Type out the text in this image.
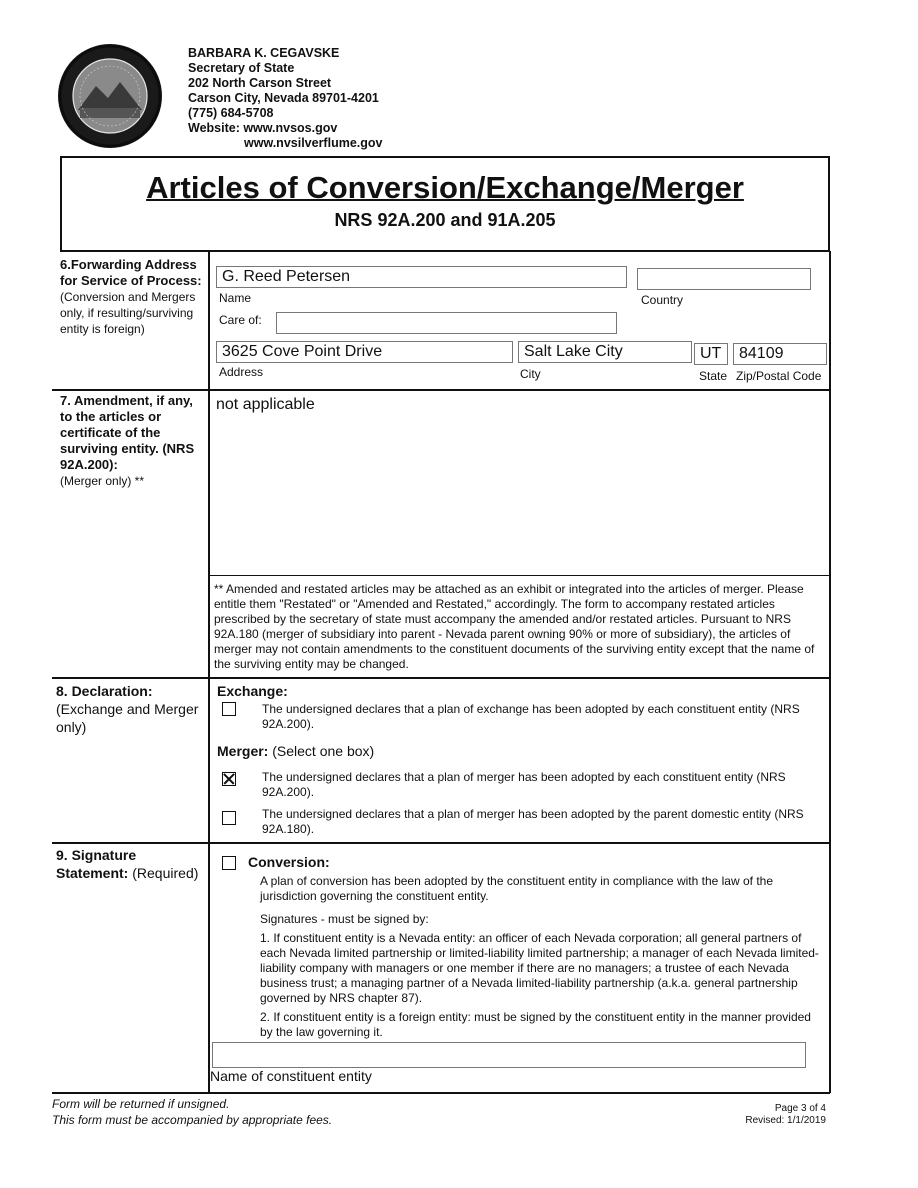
BARBARA K. CEGAVSKE
Secretary of State
202 North Carson Street
Carson City, Nevada 89701-4201
(775) 684-5708
Website: www.nvsos.gov
www.nvsilverflume.gov
Articles of Conversion/Exchange/Merger
NRS 92A.200 and 91A.205
6.Forwarding Address for Service of Process:
(Conversion and Mergers only, if resulting/surviving entity is foreign)
G. Reed Petersen
Name	Country
Care of:
3625 Cove Point Drive
Address
Salt Lake City
City
UT
State
84109
Zip/Postal Code
7. Amendment, if any, to the articles or certificate of the surviving entity. (NRS 92A.200):
(Merger only) **
not applicable
** Amended and restated articles may be attached as an exhibit or integrated into the articles of merger. Please entitle them "Restated" or "Amended and Restated," accordingly. The form to accompany restated articles prescribed by the secretary of state must accompany the amended and/or restated articles. Pursuant to NRS 92A.180 (merger of subsidiary into parent - Nevada parent owning 90% or more of subsidiary), the articles of merger may not contain amendments to the constituent documents of the surviving entity except that the name of the surviving entity may be changed.
8. Declaration:
(Exchange and Merger only)
Exchange:
The undersigned declares that a plan of exchange has been adopted by each constituent entity (NRS 92A.200).
Merger: (Select one box)
The undersigned declares that a plan of merger has been adopted by each constituent entity (NRS 92A.200).
The undersigned declares that a plan of merger has been adopted by the parent domestic entity (NRS 92A.180).
9. Signature Statement: (Required)
Conversion:
A plan of conversion has been adopted by the constituent entity in compliance with the law of the jurisdiction governing the constituent entity.
Signatures - must be signed by:
1. If constituent entity is a Nevada entity: an officer of each Nevada corporation; all general partners of each Nevada limited partnership or limited-liability limited partnership; a manager of each Nevada limited-liability company with managers or one member if there are no managers; a trustee of each Nevada business trust; a managing partner of a Nevada limited-liability partnership (a.k.a. general partnership governed by NRS chapter 87).
2. If constituent entity is a foreign entity: must be signed by the constituent entity in the manner provided by the law governing it.
Name of constituent entity
Form will be returned if unsigned.
This form must be accompanied by appropriate fees.
Page 3 of 4
Revised: 1/1/2019
